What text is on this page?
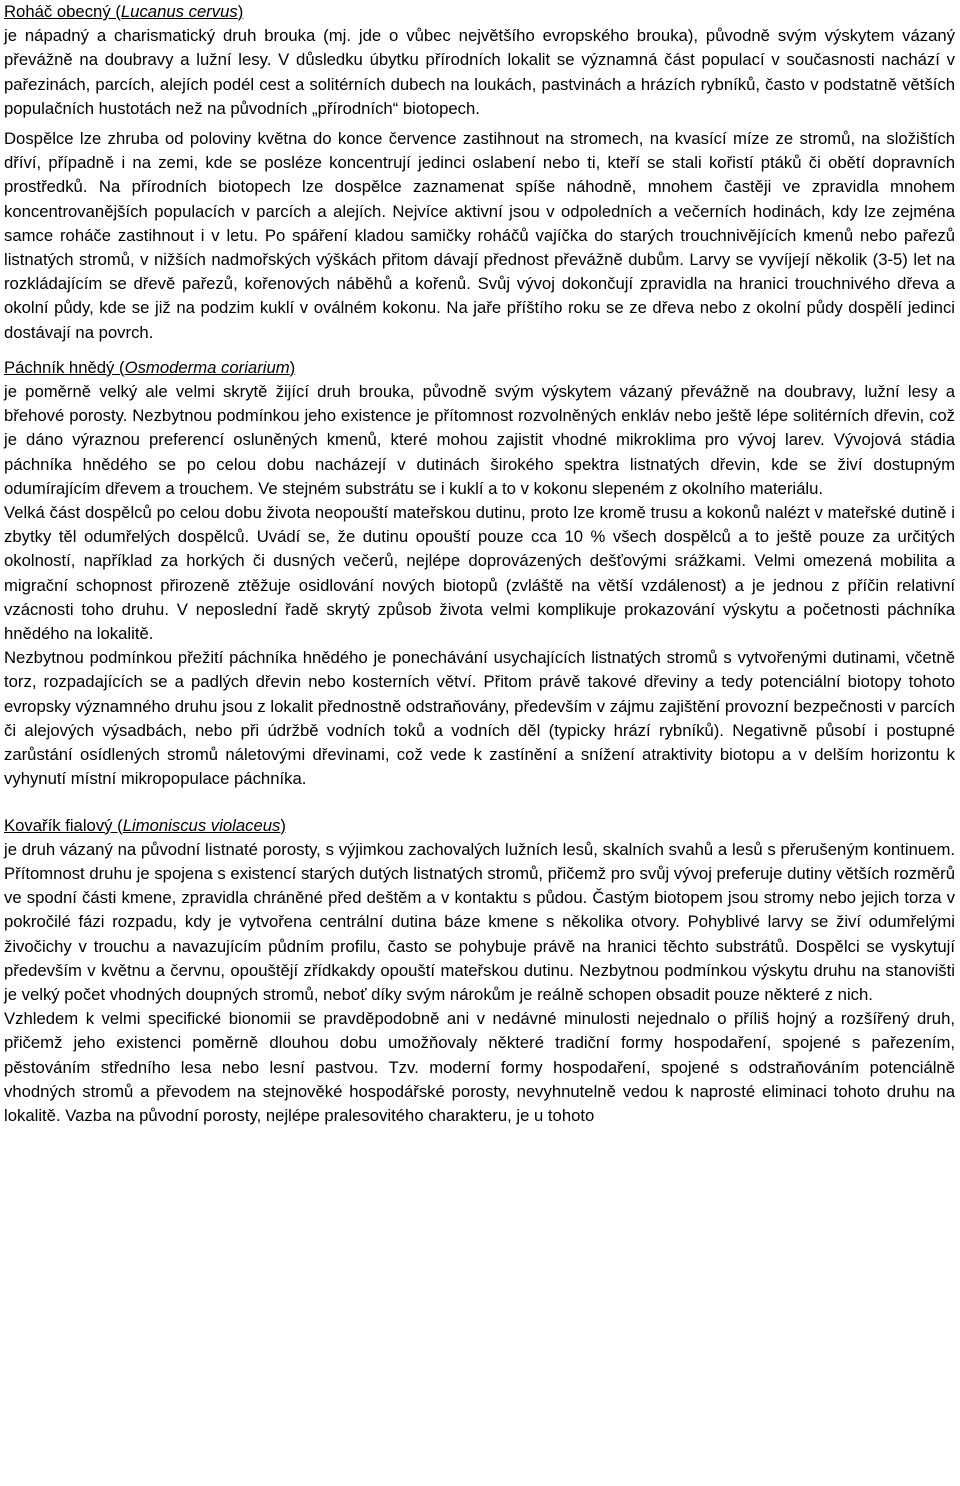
Roháč obecný (Lucanus cervus)

je nápadný a charismatický druh brouka (mj. jde o vůbec největšího evropského brouka), původně svým výskytem vázaný převážně na doubravy a lužní lesy. V důsledku úbytku přírodních lokalit se významná část populací v současnosti nachází v pařezinách, parcích, alejích podél cest a solitérních dubech na loukách, pastvinách a hrázích rybníků, často v podstatně větších populačních hustotách než na původních „přírodních“ biotopech.

Dospělce lze zhruba od poloviny května do konce července zastihnout na stromech, na kvasící míze ze stromů, na složištích dříví, případně i na zemi, kde se posléze koncentrují jedinci oslabení nebo ti, kteří se stali kořistí ptáků či obětí dopravních prostředků. Na přírodních biotopech lze dospělce zaznamenat spíše náhodně, mnohem častěji ve zpravidla mnohem koncentrovanějších populacích v parcích a alejích. Nejvíce aktivní jsou v odpoledních a večerních hodinách, kdy lze zejména samce roháče zastihnout i v letu. Po spáření kladou samičky roháčů vajíčka do starých trouchnivějících kmenů nebo pařezů listnatých stromů, v nižších nadmořských výškách přitom dávají přednost převážně dubům. Larvy se vyvíjejí několik (3-5) let na rozkládajícím se dřevě pařezů, kořenových náběhů a kořenů. Svůj vývoj dokončují zpravidla na hranici trouchnivého dřeva a okolní půdy, kde se již na podzim kuklí v oválném kokonu. Na jaře příštího roku se ze dřeva nebo z okolní půdy dospělí jedinci dostávají na povrch.

Páchník hnědý (Osmoderma coriarium)

je poměrně velký ale velmi skrytě žijící druh brouka, původně svým výskytem vázaný převážně na doubravy, lužní lesy a břehové porosty. Nezbytnou podmínkou jeho existence je přítomnost rozvolněných enkláv nebo ještě lépe solitérních dřevin, což je dáno výraznou preferencí osluněných kmenů, které mohou zajistit vhodné mikroklima pro vývoj larev. Vývojová stádia páchníka hnědého se po celou dobu nacházejí v dutinách širokého spektra listnatých dřevin, kde se živí dostupným odumírajícím dřevem a trouchem. Ve stejném substrátu se i kuklí a to v kokonu slepeném z okolního materiálu.

Velká část dospělců po celou dobu života neopouští mateřskou dutinu, proto lze kromě trusu a kokonů nalézt v mateřské dutině i zbytky těl odumřelých dospělců. Uvádí se, že dutinu opouští pouze cca 10 % všech dospělců a to ještě pouze za určitých okolností, například za horkých či dusných večerů, nejlépe doprovázených dešťovými srážkami. Velmi omezená mobilita a migrační schopnost přirozeně ztěžuje osidlování nových biotopů (zvláště na větší vzdálenost) a je jednou z příčin relativní vzácnosti toho druhu. V neposlední řadě skrytý způsob života velmi komplikuje prokazování výskytu a početnosti páchníka hnědého na lokalitě.

Nezbytnou podmínkou přežití páchníka hnědého je ponechávání usychajících listnatých stromů s vytvořenými dutinami, včetně torz, rozpadajících se a padlých dřevin nebo kosterních větví. Přitom právě takové dřeviny a tedy potenciální biotopy tohoto evropsky významného druhu jsou z lokalit přednostně odstraňovány, především v zájmu zajištění provozní bezpečnosti v parcích či alejových výsadbách, nebo při údržbě vodních toků a vodních děl (typicky hrází rybníků). Negativně působí i postupné zarůstání osídlených stromů náletovými dřevinami, což vede k zastínění a snížení atraktivity biotopu a v delším horizontu k vyhynutí místní mikropopulace páchníka.

Kovařík fialový (Limoniscus violaceus)

je druh vázaný na původní listnaté porosty, s výjimkou zachovalých lužních lesů, skalních svahů a lesů s přerušeným kontinuem. Přítomnost druhu je spojena s existencí starých dutých listnatých stromů, přičemž pro svůj vývoj preferuje dutiny větších rozměrů ve spodní části kmene, zpravidla chráněné před deštěm a v kontaktu s půdou. Častým biotopem jsou stromy nebo jejich torza v pokročilé fázi rozpadu, kdy je vytvořena centrální dutina báze kmene s několika otvory. Pohyblivé larvy se živí odumřelými živočichy v trouchu a navazujícím půdním profilu, často se pohybuje právě na hranici těchto substrátů. Dospělci se vyskytují především v květnu a červnu, opouštějí zřídkakdy opouští mateřskou dutinu. Nezbytnou podmínkou výskytu druhu na stanovišti je velký počet vhodných doupných stromů, neboť díky svým nárokům je reálně schopen obsadit pouze některé z nich.

Vzhledem k velmi specifické bionomii se pravděpodobně ani v nedávné minulosti nejednalo o příliš hojný a rozšířený druh, přičemž jeho existenci poměrně dlouhou dobu umožňovaly některé tradiční formy hospodaření, spojené s pařezením, pěstováním středního lesa nebo lesní pastvou. Tzv. moderní formy hospodaření, spojené s odstraňováním potenciálně vhodných stromů a převodem na stejnověké hospodářské porosty, nevyhnutelně vedou k naprosté eliminaci tohoto druhu na lokalitě. Vazba na původní porosty, nejlépe pralesovitého charakteru, je u tohoto
